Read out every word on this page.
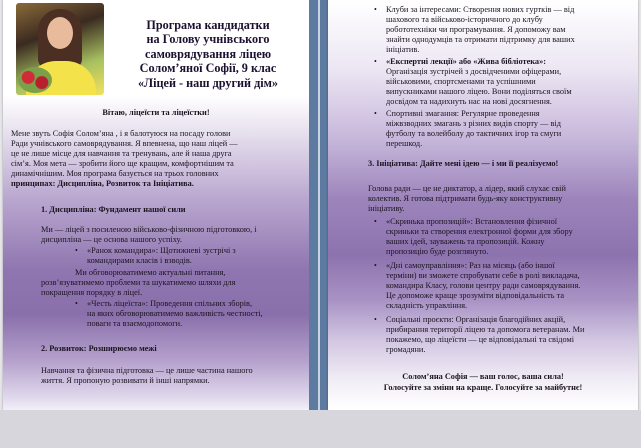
Програма кандидатки
на Голову учнівського
самоврядування ліцею
Солом’яної Софії, 9 клас
«Ліцей - наш другий дім»
Вітаю, ліцеїсти та ліцеїстки!
Мене звуть Софія Солом’яна , і я балотуюся на посаду голови
Ради учнівського самоврядування. Я впевнена, що наш ліцей —
це не лише місце для навчання та тренувань, але й наша друга
сім’я. Моя мета — зробити його ще кращим, комфортнішим та
динамічнішим. Моя програма базується на трьох головних
принципах: Дисципліна, Розвиток та Ініціатива.
1. Дисципліна: Фундамент нашої сили
Ми — ліцей з посиленою військово-фізичною підготовкою, і
дисципліна — це основа нашого успіху.
• «Ранок командира»: Щотижневі зустрічі з
командирами класів і взводів.
Ми обговорюватимемо актуальні питання,
розв’язуватимемо проблеми та шукатимемо шляхи для
покращення порядку в ліцеї.
• «Честь ліцеїста»: Проведення спільних зборів,
на яких обговорюватимемо важливість честності,
поваги та взаємодопомоги.
2. Розвиток: Розширюємо межі
Навчання та фізична підготовка — це лише частина нашого
життя. Я пропоную розвивати й інші напрямки.
• Клуби за інтересами: Створення нових гуртків — від
шахового та військово-історичного до клубу
робототехніки чи програмування. Я допоможу вам
знайти однодумців та отримати підтримку для ваших
ініціатив.
• «Експертні лекції» або «Жива бібліотека»:
Організація зустрічей з досвідченими офіцерами,
військовими, спортсменами та успішними
випускниками нашого ліцею. Вони поділяться своїм
досвідом та надихнуть нас на нові досягнення.
• Спортивні змагання: Регулярне проведення
міжвзводних змагань з різних видів спорту — від
футболу та волейболу до тактичних ігор та смуги
перешкод.
3. Ініціатива: Дайте мені ідею — і ми її реалізуємо!
Голова ради — це не диктатор, а лідер, який слухає свій
колектив. Я готова підтримати будь-яку конструктивну
ініціативу.
• «Скринька пропозицій»: Встановлення фізичної
скриньки та створення електронної форми для збору
ваших ідей, зауважень та пропозицій. Кожну
пропозицію буде розглянуто.
• «Дні самоуправління»: Раз на місяць (або іншої
терміни) ви зможете спробувати себе в ролі викладача,
командира Класу, голови центру ради самоврядування.
Це допоможе краще зрозуміти відповідальність та
складність управління.
• Соціальні проєкти: Організація благодійних акцій,
прибирання території ліцею та допомога ветеранам. Ми
покажемо, що ліцеїсти — це відповідальні та свідомі
громадяни.
Солом’яна Софія — ваш голос, ваша сила!
Голосуйте за зміни на краще. Голосуйте за майбутнє!
